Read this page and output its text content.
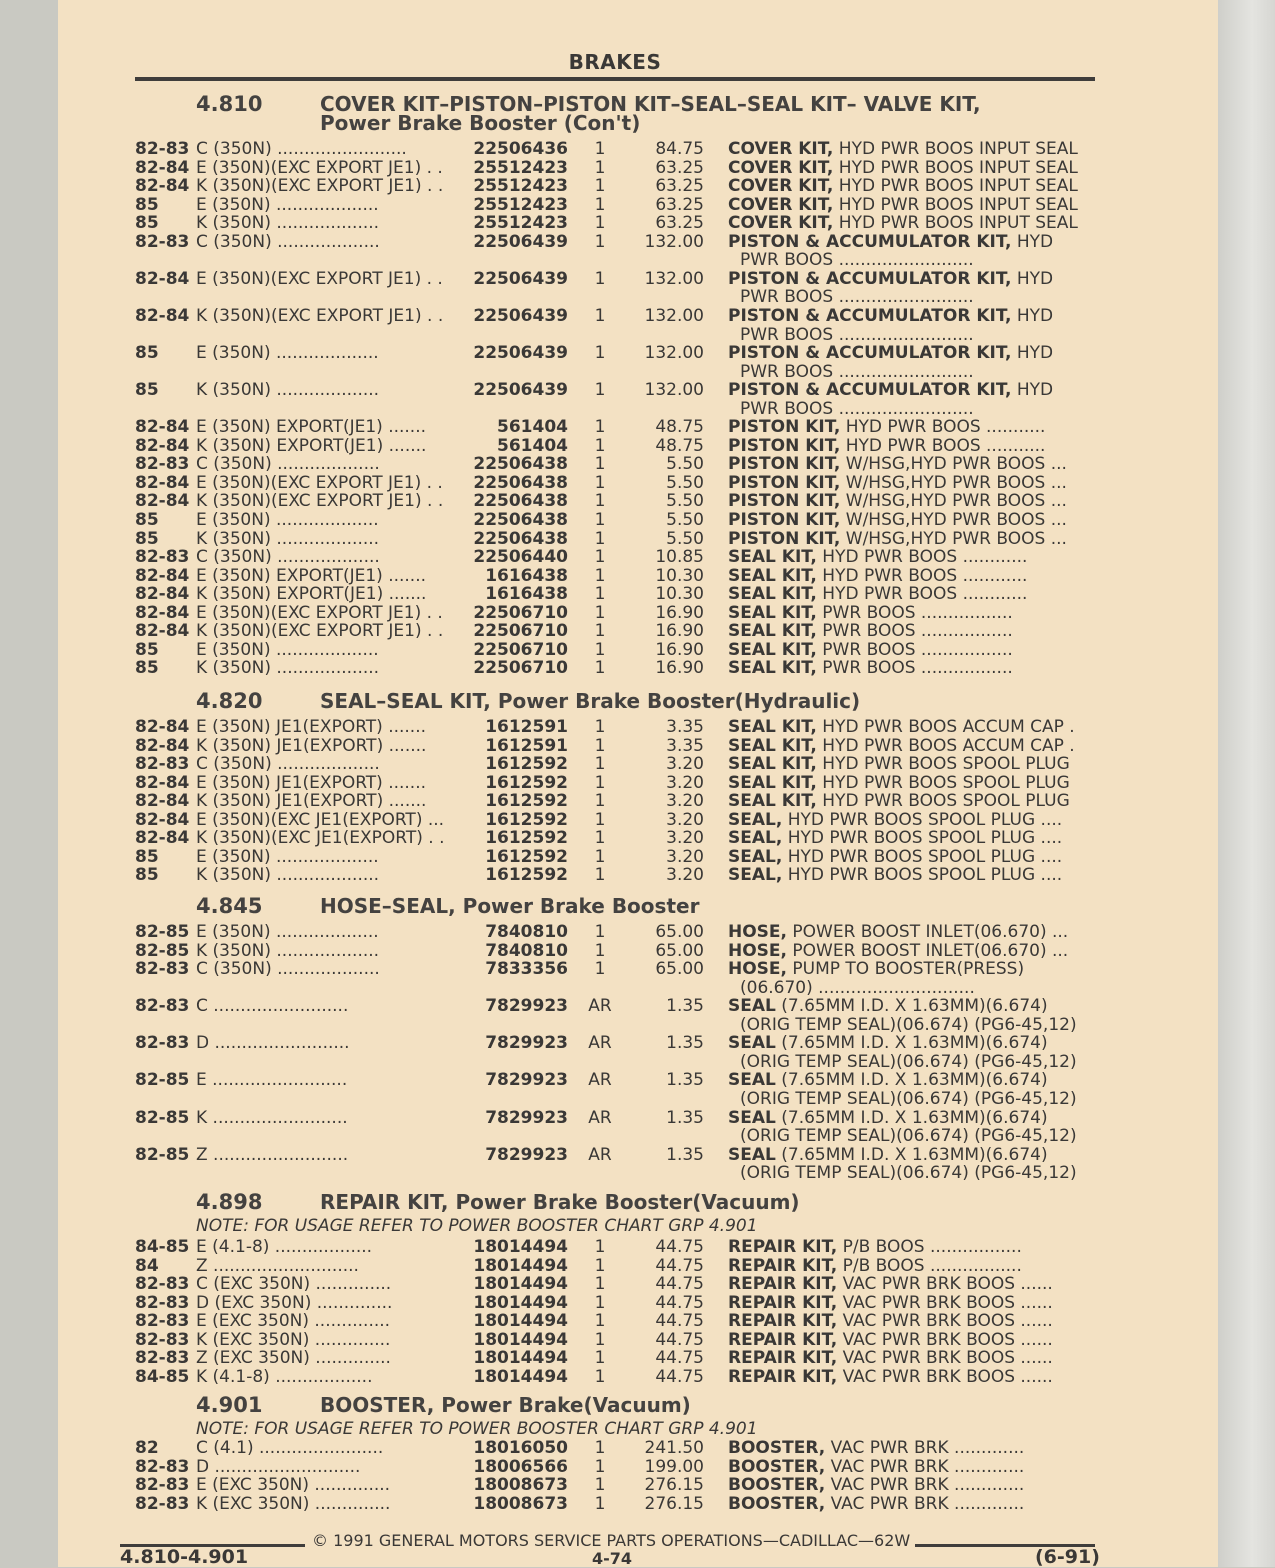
BRAKES
4.810	COVER KIT–PISTON–PISTON KIT–SEAL–SEAL KIT– VALVE KIT,
Power Brake Booster (Con't)
82-83 C (350N) ........................	22506436	1	84.75 COVER KIT, HYD PWR BOOS INPUT SEAL
82-84 E (350N)(EXC EXPORT JE1) . .	25512423	1	63.25 COVER KIT, HYD PWR BOOS INPUT SEAL
82-84 K (350N)(EXC EXPORT JE1) . .	25512423	1	63.25 COVER KIT, HYD PWR BOOS INPUT SEAL
85 E (350N) ...................	25512423	1	63.25 COVER KIT, HYD PWR BOOS INPUT SEAL
85 K (350N) ...................	25512423	1	63.25 COVER KIT, HYD PWR BOOS INPUT SEAL
82-83 C (350N) ...................	22506439	1	132.00 PISTON & ACCUMULATOR KIT, HYD
PWR BOOS .........................
82-84 E (350N)(EXC EXPORT JE1) . .	22506439	1	132.00 PISTON & ACCUMULATOR KIT, HYD
PWR BOOS .........................
82-84 K (350N)(EXC EXPORT JE1) . .	22506439	1	132.00 PISTON & ACCUMULATOR KIT, HYD
PWR BOOS .........................
85 E (350N) ...................	22506439	1	132.00 PISTON & ACCUMULATOR KIT, HYD
PWR BOOS .........................
85 K (350N) ...................	22506439	1	132.00 PISTON & ACCUMULATOR KIT, HYD
PWR BOOS .........................
82-84 E (350N) EXPORT(JE1) .......	561404	1	48.75 PISTON KIT, HYD PWR BOOS ...........
82-84 K (350N) EXPORT(JE1) .......	561404	1	48.75 PISTON KIT, HYD PWR BOOS ...........
82-83 C (350N) ...................	22506438	1	5.50 PISTON KIT, W/HSG,HYD PWR BOOS ...
82-84 E (350N)(EXC EXPORT JE1) . .	22506438	1	5.50 PISTON KIT, W/HSG,HYD PWR BOOS ...
82-84 K (350N)(EXC EXPORT JE1) . .	22506438	1	5.50 PISTON KIT, W/HSG,HYD PWR BOOS ...
85 E (350N) ...................	22506438	1	5.50 PISTON KIT, W/HSG,HYD PWR BOOS ...
85 K (350N) ...................	22506438	1	5.50 PISTON KIT, W/HSG,HYD PWR BOOS ...
82-83 C (350N) ...................	22506440	1	10.85 SEAL KIT, HYD PWR BOOS ............
82-84 E (350N) EXPORT(JE1) .......	1616438	1	10.30 SEAL KIT, HYD PWR BOOS ............
82-84 K (350N) EXPORT(JE1) .......	1616438	1	10.30 SEAL KIT, HYD PWR BOOS ............
82-84 E (350N)(EXC EXPORT JE1) . .	22506710	1	16.90 SEAL KIT, PWR BOOS .................
82-84 K (350N)(EXC EXPORT JE1) . .	22506710	1	16.90 SEAL KIT, PWR BOOS .................
85 E (350N) ...................	22506710	1	16.90 SEAL KIT, PWR BOOS .................
85 K (350N) ...................	22506710	1	16.90 SEAL KIT, PWR BOOS .................
4.820	SEAL–SEAL KIT, Power Brake Booster(Hydraulic)
82-84 E (350N) JE1(EXPORT) .......	1612591	1	3.35 SEAL KIT, HYD PWR BOOS ACCUM CAP .
82-84 K (350N) JE1(EXPORT) .......	1612591	1	3.35 SEAL KIT, HYD PWR BOOS ACCUM CAP .
82-83 C (350N) ...................	1612592	1	3.20 SEAL KIT, HYD PWR BOOS SPOOL PLUG
82-84 E (350N) JE1(EXPORT) .......	1612592	1	3.20 SEAL KIT, HYD PWR BOOS SPOOL PLUG
82-84 K (350N) JE1(EXPORT) .......	1612592	1	3.20 SEAL KIT, HYD PWR BOOS SPOOL PLUG
82-84 E (350N)(EXC JE1(EXPORT) ...	1612592	1	3.20 SEAL, HYD PWR BOOS SPOOL PLUG ....
82-84 K (350N)(EXC JE1(EXPORT) . .	1612592	1	3.20 SEAL, HYD PWR BOOS SPOOL PLUG ....
85 E (350N) ...................	1612592	1	3.20 SEAL, HYD PWR BOOS SPOOL PLUG ....
85 K (350N) ...................	1612592	1	3.20 SEAL, HYD PWR BOOS SPOOL PLUG ....
4.845	HOSE–SEAL, Power Brake Booster
82-85 E (350N) ...................	7840810	1	65.00 HOSE, POWER BOOST INLET(06.670) ...
82-85 K (350N) ...................	7840810	1	65.00 HOSE, POWER BOOST INLET(06.670) ...
82-83 C (350N) ...................	7833356	1	65.00 HOSE, PUMP TO BOOSTER(PRESS)
(06.670) .............................
82-83 C .........................	7829923	AR	1.35 SEAL (7.65MM I.D. X 1.63MM)(6.674)
(ORIG TEMP SEAL)(06.674) (PG6-45,12)
82-83 D .........................	7829923	AR	1.35 SEAL (7.65MM I.D. X 1.63MM)(6.674)
(ORIG TEMP SEAL)(06.674) (PG6-45,12)
82-85 E .........................	7829923	AR	1.35 SEAL (7.65MM I.D. X 1.63MM)(6.674)
(ORIG TEMP SEAL)(06.674) (PG6-45,12)
82-85 K .........................	7829923	AR	1.35 SEAL (7.65MM I.D. X 1.63MM)(6.674)
(ORIG TEMP SEAL)(06.674) (PG6-45,12)
82-85 Z .........................	7829923	AR	1.35 SEAL (7.65MM I.D. X 1.63MM)(6.674)
(ORIG TEMP SEAL)(06.674) (PG6-45,12)
4.898	REPAIR KIT, Power Brake Booster(Vacuum)
NOTE: FOR USAGE REFER TO POWER BOOSTER CHART GRP 4.901
84-85 E (4.1-8) ..................	18014494	1	44.75 REPAIR KIT, P/B BOOS .................
84 Z ...........................	18014494	1	44.75 REPAIR KIT, P/B BOOS .................
82-83 C (EXC 350N) ..............	18014494	1	44.75 REPAIR KIT, VAC PWR BRK BOOS ......
82-83 D (EXC 350N) ..............	18014494	1	44.75 REPAIR KIT, VAC PWR BRK BOOS ......
82-83 E (EXC 350N) ..............	18014494	1	44.75 REPAIR KIT, VAC PWR BRK BOOS ......
82-83 K (EXC 350N) ..............	18014494	1	44.75 REPAIR KIT, VAC PWR BRK BOOS ......
82-83 Z (EXC 350N) ..............	18014494	1	44.75 REPAIR KIT, VAC PWR BRK BOOS ......
84-85 K (4.1-8) ..................	18014494	1	44.75 REPAIR KIT, VAC PWR BRK BOOS ......
4.901	BOOSTER, Power Brake(Vacuum)
NOTE: FOR USAGE REFER TO POWER BOOSTER CHART GRP 4.901
82 C (4.1) .......................	18016050	1	241.50 BOOSTER, VAC PWR BRK .............
82-83 D ...........................	18006566	1	199.00 BOOSTER, VAC PWR BRK .............
82-83 E (EXC 350N) ..............	18008673	1	276.15 BOOSTER, VAC PWR BRK .............
82-83 K (EXC 350N) ..............	18008673	1	276.15 BOOSTER, VAC PWR BRK .............
© 1991 GENERAL MOTORS SERVICE PARTS OPERATIONS—CADILLAC—62W
4.810-4.901	4-74	(6-91)
